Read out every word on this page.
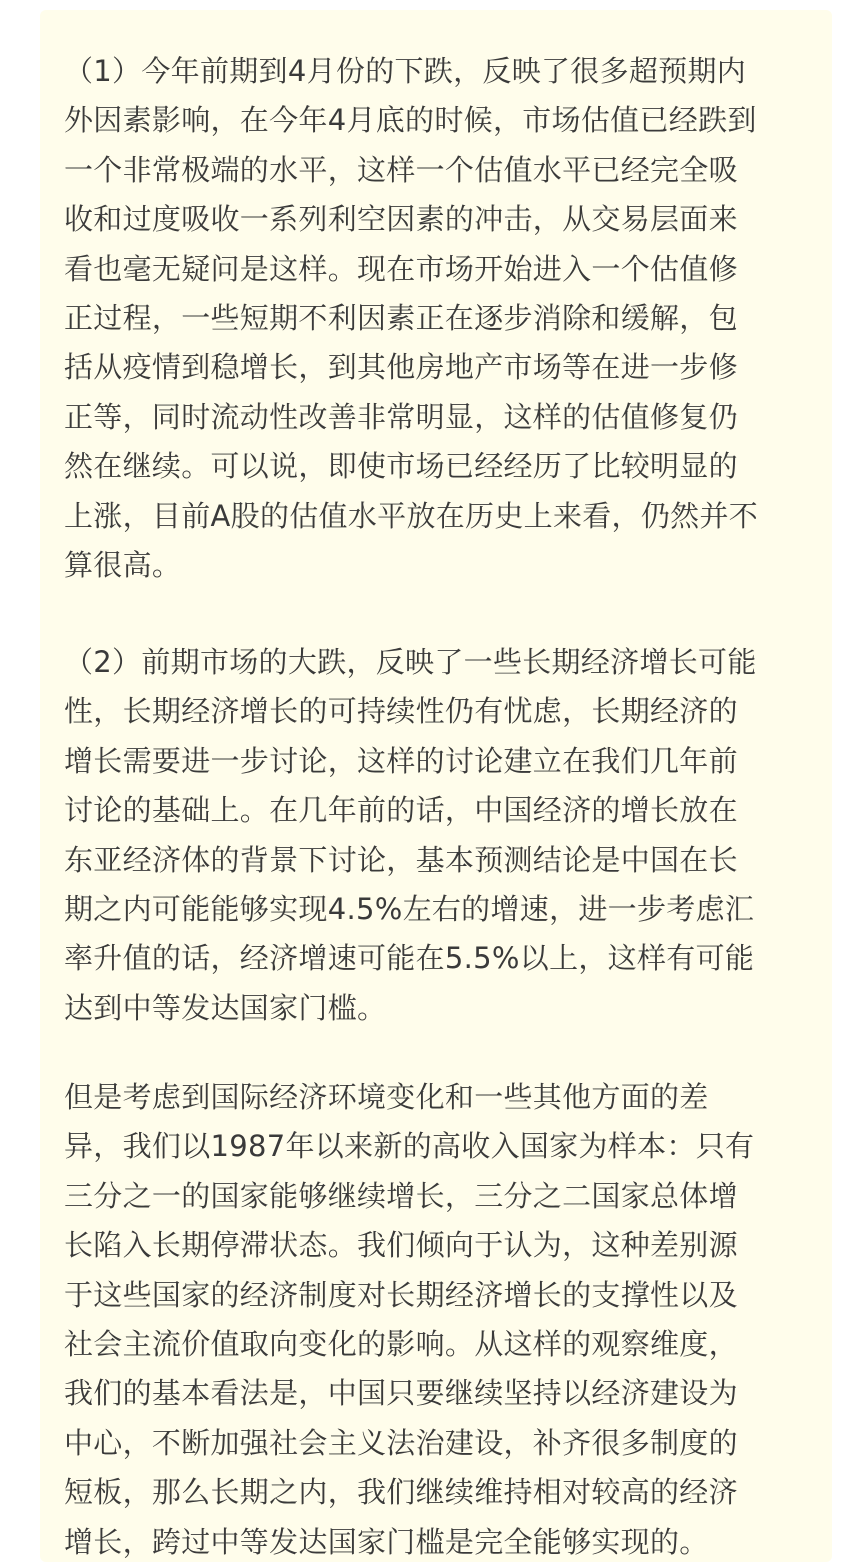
（1）今年前期到4月份的下跌，反映了很多超预期内
外因素影响，在今年4月底的时候，市场估值已经跌到
一个非常极端的水平，这样一个估值水平已经完全吸
收和过度吸收一系列利空因素的冲击，从交易层面来
看也毫无疑问是这样。现在市场开始进入一个估值修
正过程，一些短期不利因素正在逐步消除和缓解，包
括从疫情到稳增长，到其他房地产市场等在进一步修
正等，同时流动性改善非常明显，这样的估值修复仍
然在继续。可以说，即使市场已经经历了比较明显的
上涨，目前A股的估值水平放在历史上来看，仍然并不
算很高。

（2）前期市场的大跌，反映了一些长期经济增长可能
性，长期经济增长的可持续性仍有忧虑，长期经济的
增长需要进一步讨论，这样的讨论建立在我们几年前
讨论的基础上。在几年前的话，中国经济的增长放在
东亚经济体的背景下讨论，基本预测结论是中国在长
期之内可能能够实现4.5%左右的增速，进一步考虑汇
率升值的话，经济增速可能在5.5%以上，这样有可能
达到中等发达国家门槛。

但是考虑到国际经济环境变化和一些其他方面的差
异，我们以1987年以来新的高收入国家为样本：只有
三分之一的国家能够继续增长，三分之二国家总体增
长陷入长期停滞状态。我们倾向于认为，这种差别源
于这些国家的经济制度对长期经济增长的支撑性以及
社会主流价值取向变化的影响。从这样的观察维度，
我们的基本看法是，中国只要继续坚持以经济建设为
中心，不断加强社会主义法治建设，补齐很多制度的
短板，那么长期之内，我们继续维持相对较高的经济
增长，跨过中等发达国家门槛是完全能够实现的。
